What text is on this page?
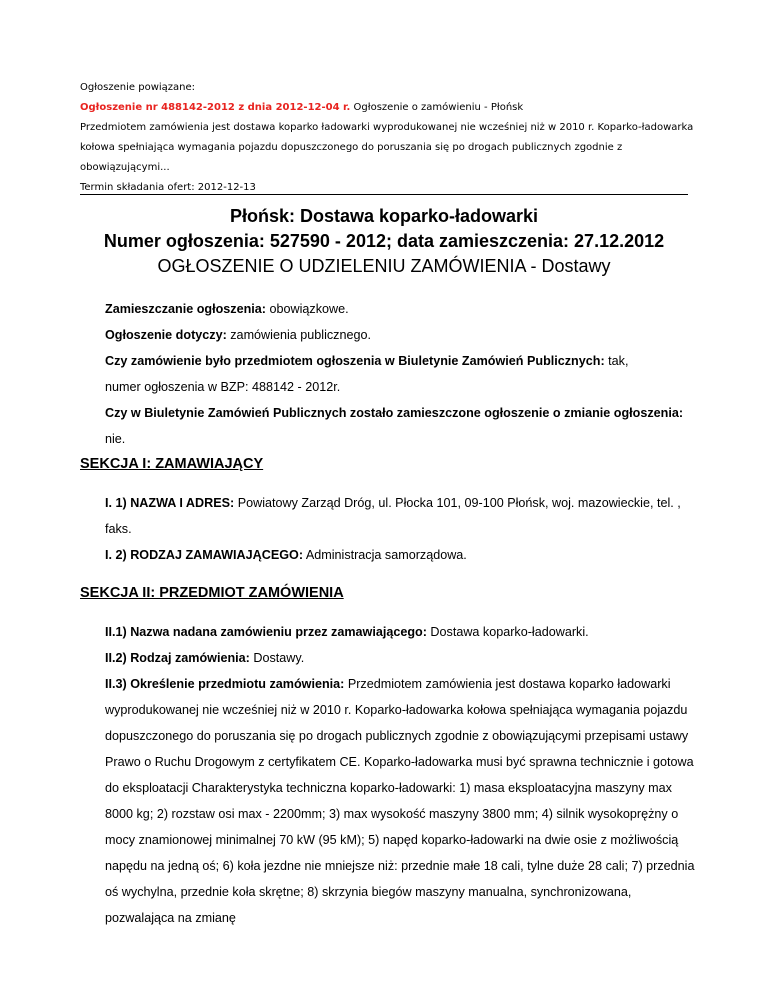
Ogłoszenie powiązane:

Ogłoszenie nr 488142-2012 z dnia 2012-12-04 r. Ogłoszenie o zamówieniu - Płońsk

Przedmiotem zamówienia jest dostawa koparko ładowarki wyprodukowanej nie wcześniej niż w 2010 r. Koparko-ładowarka kołowa spełniająca wymagania pojazdu dopuszczonego do poruszania się po drogach publicznych zgodnie z obowiązującymi...

Termin składania ofert: 2012-12-13

Płońsk: Dostawa koparko-ładowarki
Numer ogłoszenia: 527590 - 2012; data zamieszczenia: 27.12.2012
OGŁOSZENIE O UDZIELENIU ZAMÓWIENIA - Dostawy

Zamieszczanie ogłoszenia: obowiązkowe.

Ogłoszenie dotyczy: zamówienia publicznego.

Czy zamówienie było przedmiotem ogłoszenia w Biuletynie Zamówień Publicznych: tak,

numer ogłoszenia w BZP: 488142 - 2012r.

Czy w Biuletynie Zamówień Publicznych zostało zamieszczone ogłoszenie o zmianie ogłoszenia: nie.

SEKCJA I: ZAMAWIAJĄCY

I. 1) NAZWA I ADRES: Powiatowy Zarząd Dróg, ul. Płocka 101, 09-100 Płońsk, woj. mazowieckie, tel. , faks.

I. 2) RODZAJ ZAMAWIAJĄCEGO: Administracja samorządowa.

SEKCJA II: PRZEDMIOT ZAMÓWIENIA

II.1) Nazwa nadana zamówieniu przez zamawiającego: Dostawa koparko-ładowarki.

II.2) Rodzaj zamówienia: Dostawy.

II.3) Określenie przedmiotu zamówienia: Przedmiotem zamówienia jest dostawa koparko ładowarki wyprodukowanej nie wcześniej niż w 2010 r. Koparko-ładowarka kołowa spełniająca wymagania pojazdu dopuszczonego do poruszania się po drogach publicznych zgodnie z obowiązującymi przepisami ustawy Prawo o Ruchu Drogowym z certyfikatem CE. Koparko-ładowarka musi być sprawna technicznie i gotowa do eksploatacji Charakterystyka techniczna koparko-ładowarki: 1) masa eksploatacyjna maszyny max 8000 kg; 2) rozstaw osi max - 2200mm; 3) max wysokość maszyny 3800 mm; 4) silnik wysokoprężny o mocy znamionowej minimalnej 70 kW (95 kM); 5) napęd koparko-ładowarki na dwie osie z możliwością napędu na jedną oś; 6) koła jezdne nie mniejsze niż: przednie małe 18 cali, tylne duże 28 cali; 7) przednia oś wychylna, przednie koła skrętne; 8) skrzynia biegów maszyny manualna, synchronizowana, pozwalająca na zmianę
